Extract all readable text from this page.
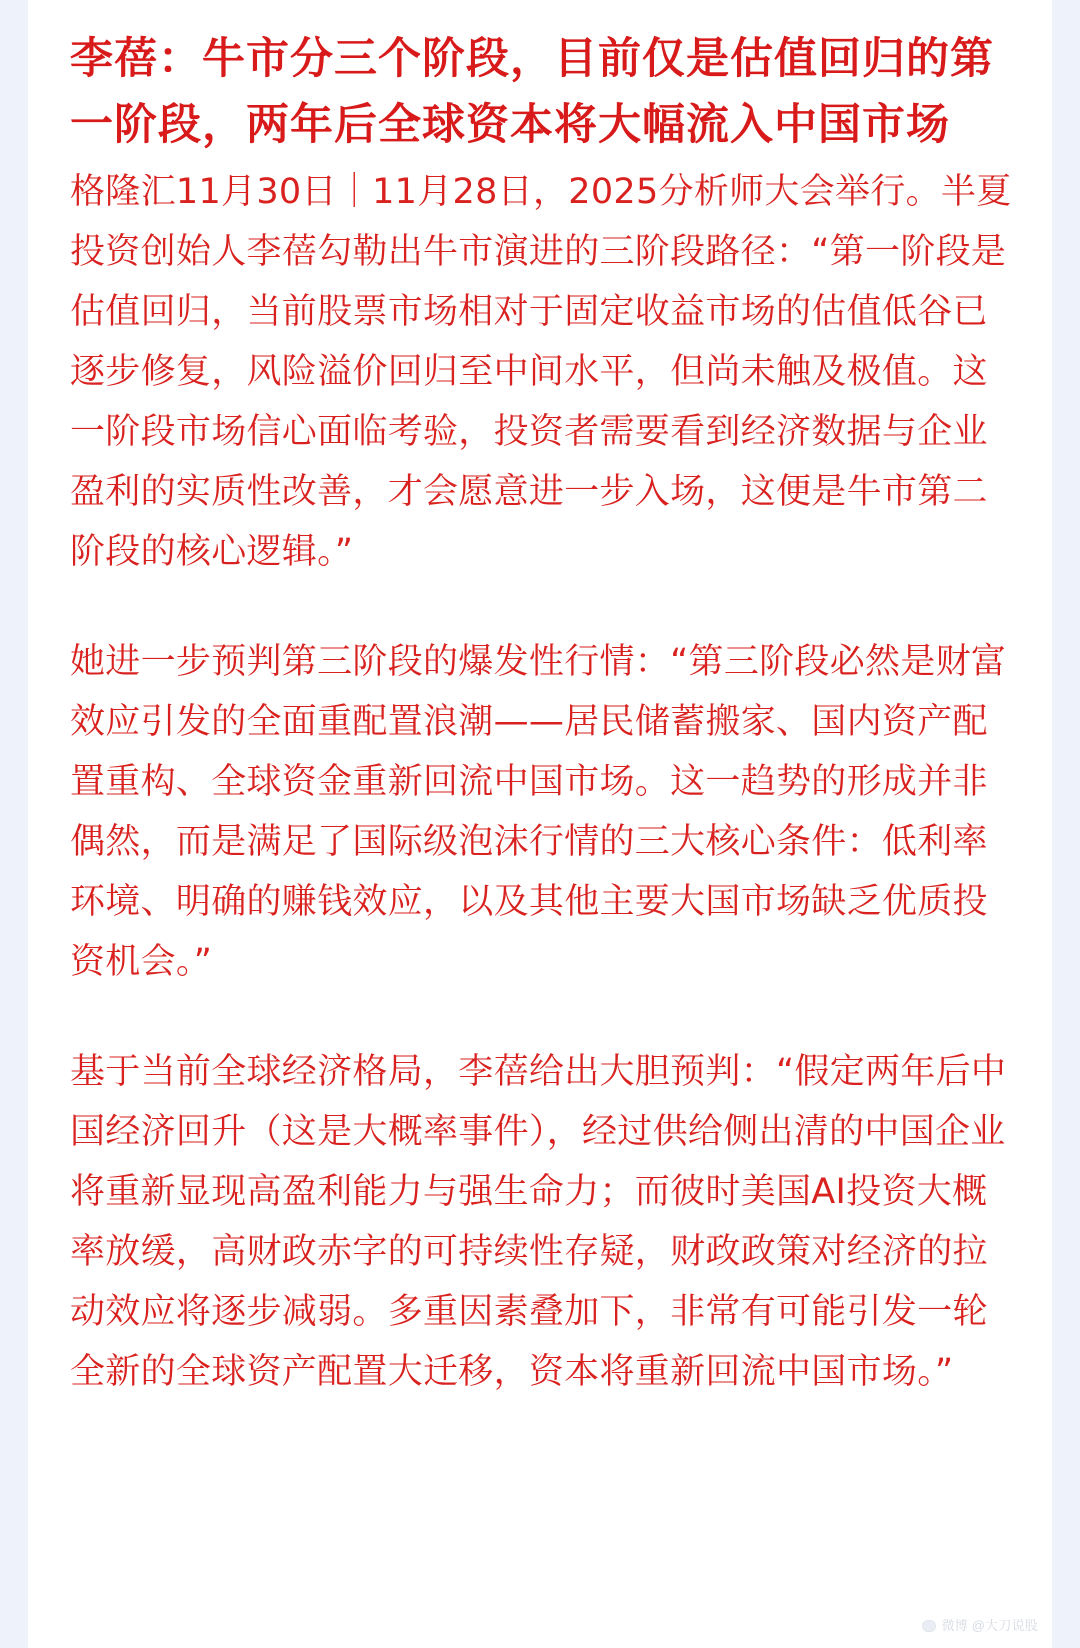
李蓓：牛市分三个阶段，目前仅是估值回归的第一阶段，两年后全球资本将大幅流入中国市场

格隆汇11月30日｜11月28日，2025分析师大会举行。半夏投资创始人李蓓勾勒出牛市演进的三阶段路径：“第一阶段是估值回归，当前股票市场相对于固定收益市场的估值低谷已逐步修复，风险溢价回归至中间水平，但尚未触及极值。这一阶段市场信心面临考验，投资者需要看到经济数据与企业盈利的实质性改善，才会愿意进一步入场，这便是牛市第二阶段的核心逻辑。”

她进一步预判第三阶段的爆发性行情：“第三阶段必然是财富效应引发的全面重配置浪潮——居民储蓄搬家、国内资产配置重构、全球资金重新回流中国市场。这一趋势的形成并非偶然，而是满足了国际级泡沫行情的三大核心条件：低利率环境、明确的赚钱效应，以及其他主要大国市场缺乏优质投资机会。”

基于当前全球经济格局，李蓓给出大胆预判：“假定两年后中国经济回升（这是大概率事件），经过供给侧出清的中国企业将重新显现高盈利能力与强生命力；而彼时美国AI投资大概率放缓，高财政赤字的可持续性存疑，财政政策对经济的拉动效应将逐步减弱。多重因素叠加下，非常有可能引发一轮全新的全球资产配置大迁移，资本将重新回流中国市场。”

微博 @大刀说股
